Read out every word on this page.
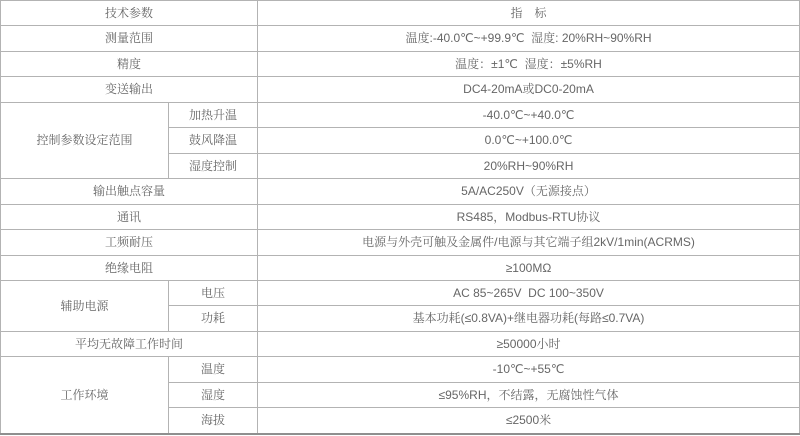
技术参数		指　标
测量范围		温度:-40.0℃~+99.9℃  湿度: 20%RH~90%RH
精度		温度：±1℃  湿度：±5%RH
变送输出		DC4-20mA或DC0-20mA
控制参数设定范围	加热升温	-40.0℃~+40.0℃
	鼓风降温	0.0℃~+100.0℃
	湿度控制	20%RH~90%RH
输出触点容量		5A/AC250V（无源接点）
通讯		RS485，Modbus-RTU协议
工频耐压		电源与外壳可触及金属件/电源与其它端子组2kV/1min(ACRMS)
绝缘电阻		≥100MΩ
辅助电源	电压	AC 85~265V  DC 100~350V
	功耗	基本功耗(≤0.8VA)+继电器功耗(每路≤0.7VA)
平均无故障工作时间		≥50000小时
工作环境	温度	-10℃~+55℃
	湿度	≤95%RH，不结露，无腐蚀性气体
	海拔	≤2500米
